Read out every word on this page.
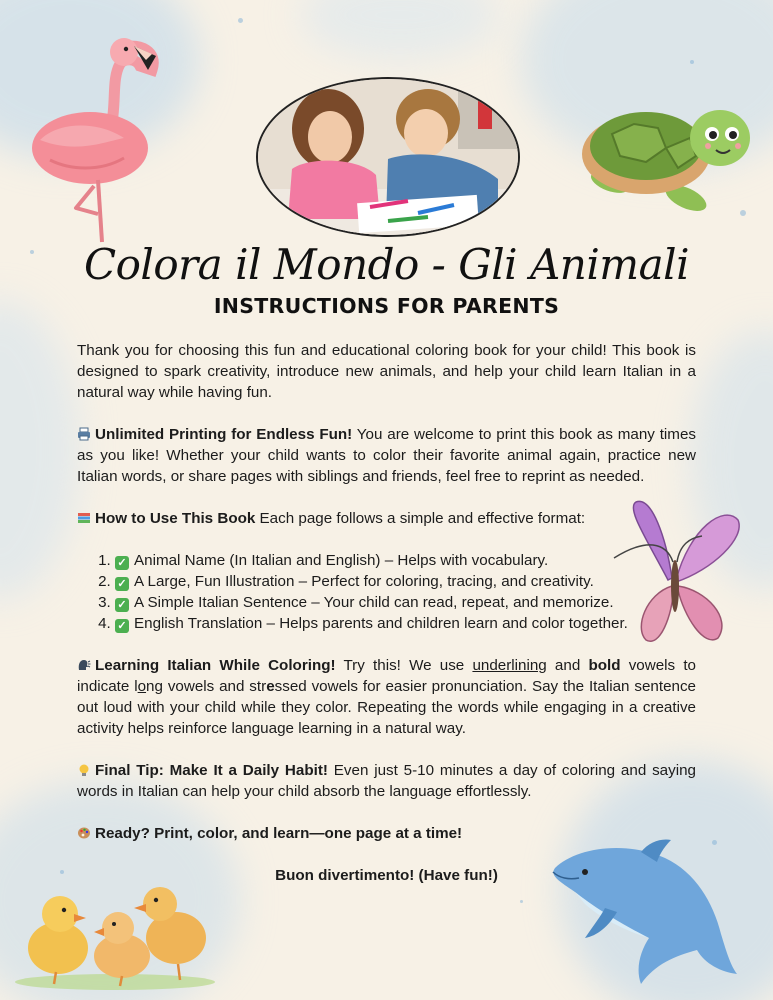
Colora il Mondo - Gli Animali
INSTRUCTIONS FOR PARENTS

Thank you for choosing this fun and educational coloring book for your child! This book is designed to spark creativity, introduce new animals, and help your child learn Italian in a natural way while having fun.

Unlimited Printing for Endless Fun! You are welcome to print this book as many times as you like! Whether your child wants to color their favorite animal again, practice new Italian words, or share pages with siblings and friends, feel free to reprint as needed.

How to Use This Book Each page follows a simple and effective format:

1. ✓ Animal Name (In Italian and English) – Helps with vocabulary.
2. ✓ A Large, Fun Illustration – Perfect for coloring, tracing, and creativity.
3. ✓ A Simple Italian Sentence – Your child can read, repeat, and memorize.
4. ✓ English Translation – Helps parents and children learn and color together.

Learning Italian While Coloring! Try this! We use underlining and bold vowels to indicate long vowels and stressed vowels for easier pronunciation. Say the Italian sentence out loud with your child while they color. Repeating the words while engaging in a creative activity helps reinforce language learning in a natural way.

Final Tip: Make It a Daily Habit! Even just 5-10 minutes a day of coloring and saying words in Italian can help your child absorb the language effortlessly.

Ready? Print, color, and learn—one page at a time!

Buon divertimento! (Have fun!)
